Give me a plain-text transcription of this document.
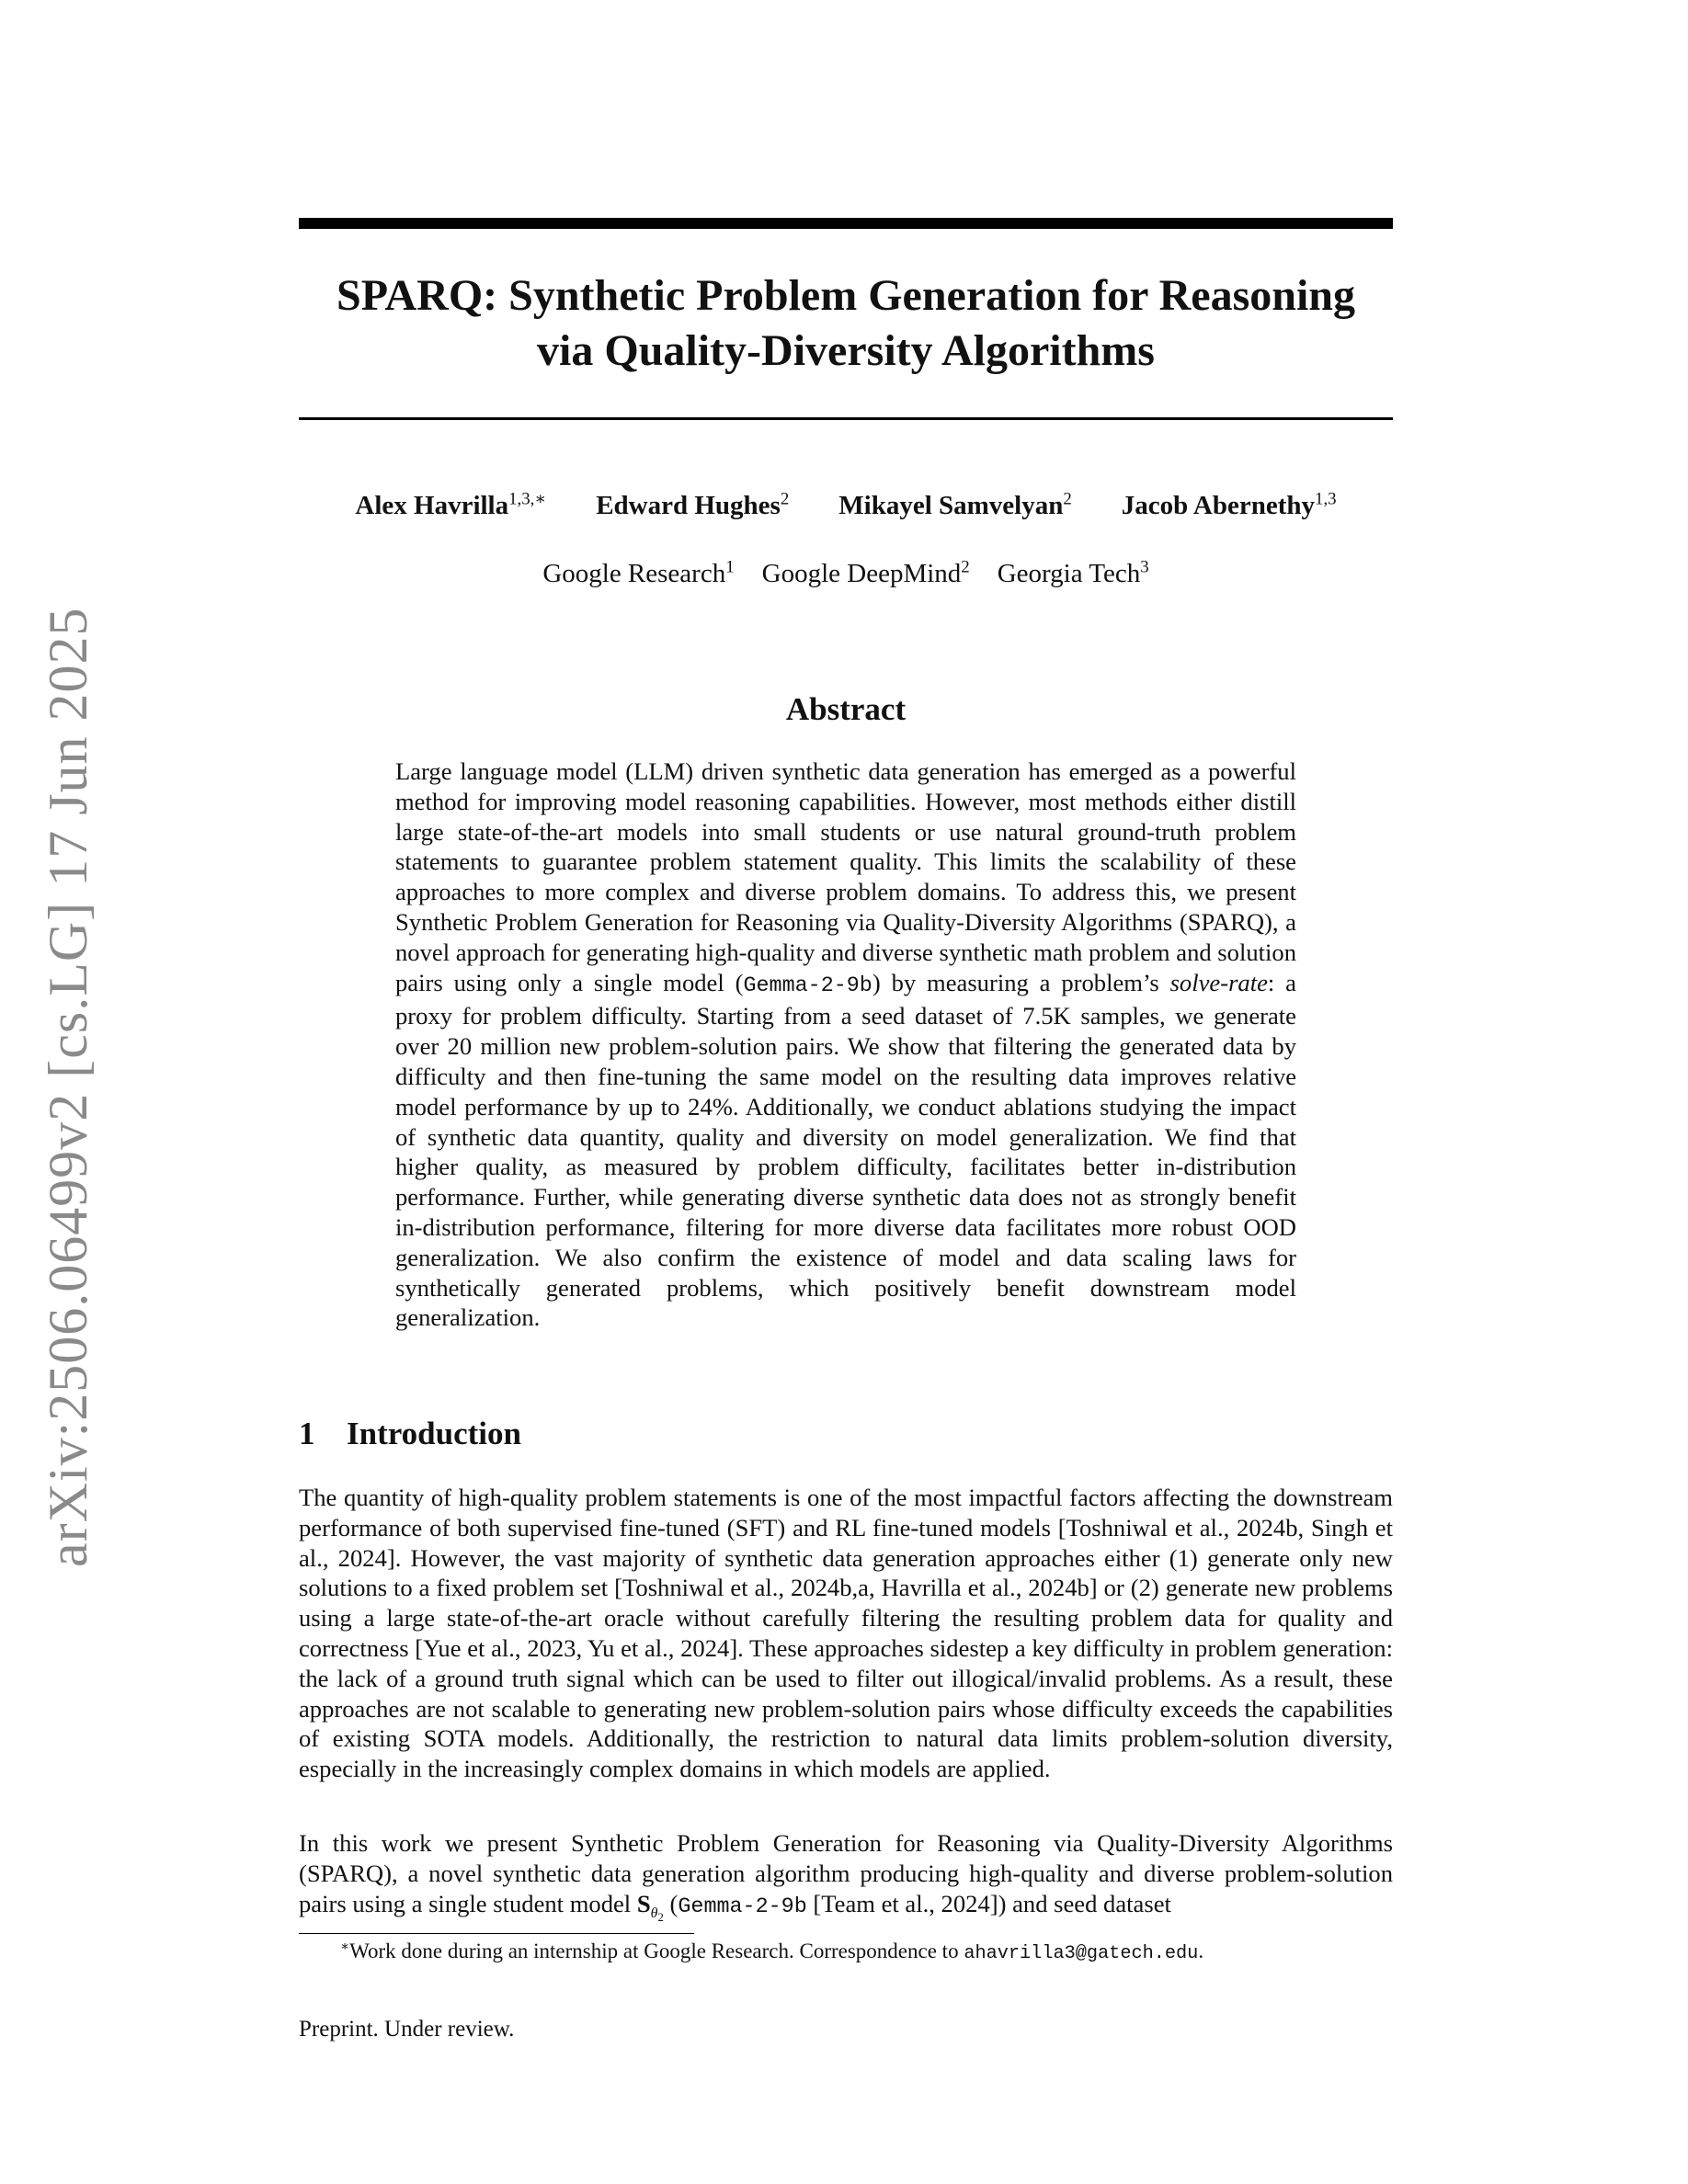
arXiv:2506.06499v2 [cs.LG] 17 Jun 2025
SPARQ: Synthetic Problem Generation for Reasoning
via Quality-Diversity Algorithms
Alex Havrilla$^{1,3,∗}$ Edward Hughes$^2$ Mikayel Samvelyan$^2$ Jacob Abernethy$^{1,3}$
Google Research$^1$ Google DeepMind$^2$ Georgia Tech$^3$
Abstract

Large language model (LLM) driven synthetic data generation has emerged as a powerful method for improving model reasoning capabilities. However, most methods either distill large state-of-the-art models into small students or use natural ground-truth problem statements to guarantee problem statement quality. This limits the scalability of these approaches to more complex and diverse problem domains. To address this, we present Synthetic Problem Generation for Reasoning via Quality-Diversity Algorithms (SPARQ), a novel approach for generating high-quality and diverse synthetic math problem and solution pairs using only a single model (Gemma-2-9b) by measuring a problem’s solve-rate: a proxy for problem difficulty. Starting from a seed dataset of 7.5K samples, we generate over 20 million new problem-solution pairs. We show that filtering the generated data by difficulty and then fine-tuning the same model on the resulting data improves relative model performance by up to 24%. Additionally, we conduct ablations studying the impact of synthetic data quantity, quality and diversity on model generalization. We find that higher quality, as measured by problem difficulty, facilitates better in-distribution performance. Further, while generating diverse synthetic data does not as strongly benefit in-distribution performance, filtering for more diverse data facilitates more robust OOD generalization. We also confirm the existence of model and data scaling laws for synthetically generated problems, which positively benefit downstream model generalization.

1 Introduction

The quantity of high-quality problem statements is one of the most impactful factors affecting the downstream performance of both supervised fine-tuned (SFT) and RL fine-tuned models [Toshniwal et al., 2024b, Singh et al., 2024]. However, the vast majority of synthetic data generation approaches either (1) generate only new solutions to a fixed problem set [Toshniwal et al., 2024b,a, Havrilla et al., 2024b] or (2) generate new problems using a large state-of-the-art oracle without carefully filtering the resulting problem data for quality and correctness [Yue et al., 2023, Yu et al., 2024]. These approaches sidestep a key difficulty in problem generation: the lack of a ground truth signal which can be used to filter out illogical/invalid problems. As a result, these approaches are not scalable to generating new problem-solution pairs whose difficulty exceeds the capabilities of existing SOTA models. Additionally, the restriction to natural data limits problem-solution diversity, especially in the increasingly complex domains in which models are applied.

In this work we present Synthetic Problem Generation for Reasoning via Quality-Diversity Algorithms (SPARQ), a novel synthetic data generation algorithm producing high-quality and diverse problem-solution pairs using a single student model $S_{\theta_2}$ (Gemma-2-9b [Team et al., 2024]) and seed dataset

∗Work done during an internship at Google Research. Correspondence to ahavrilla3@gatech.edu.
Preprint. Under review.
